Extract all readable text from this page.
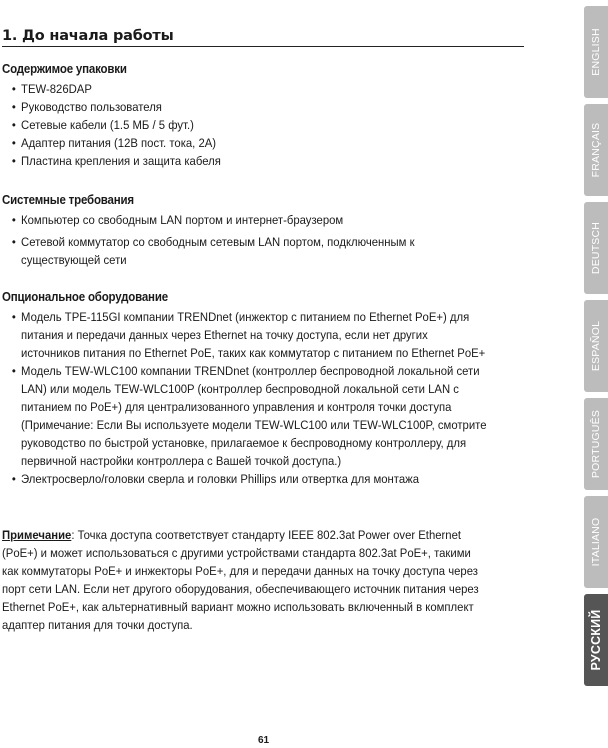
1. До начала работы
Содержимое упаковки
• TEW-826DAP
• Руководство пользователя
• Сетевые кабели (1.5 МБ / 5 фут.)
• Адаптер питания (12В пост. тока, 2А)
• Пластина крепления и защита кабеля
Системные требования
• Компьютер со свободным LAN портом и интернет-браузером
• Сетевой коммутатор со свободным сетевым LAN портом, подключенным к
существующей сети
Опциональное оборудование
• Модель TPE-115GI компании TRENDnet (инжектор с питанием по Ethernet PoE+) для
питания и передачи данных через Ethernet на точку доступа, если нет других
источников питания по Ethernet PoE, таких как коммутатор с питанием по Ethernet PoE+
• Модель TEW-WLC100 компании TRENDnet (контроллер беспроводной локальной сети
LAN) или модель TEW-WLC100P (контроллер беспроводной локальной сети LAN с
питанием по PoE+) для централизованного управления и контроля точки доступа
(Примечание: Если Вы используете модели TEW-WLC100 или TEW-WLC100P, смотрите
руководство по быстрой установке, прилагаемое к беспроводному контроллеру, для
первичной настройки контроллера с Вашей точкой доступа.)
• Электросверло/головки сверла и головки Phillips или отвертка для монтажа
Примечание: Точка доступа соответствует стандарту IEEE 802.3at Power over Ethernet
(PoE+) и может использоваться с другими устройствами стандарта 802.3at PoE+, такими
как коммутаторы PoE+ и инжекторы PoE+, для и передачи данных на точку доступа через
порт сети LAN. Если нет другого оборудования, обеспечивающего источник питания через
Ethernet PoE+, как альтернативный вариант можно использовать включенный в комплект
адаптер питания для точки доступа.
61
ENGLISH
FRANÇAIS
DEUTSCH
ESPAÑOL
PORTUGUÊS
ITALIANO
РУССКИЙ
